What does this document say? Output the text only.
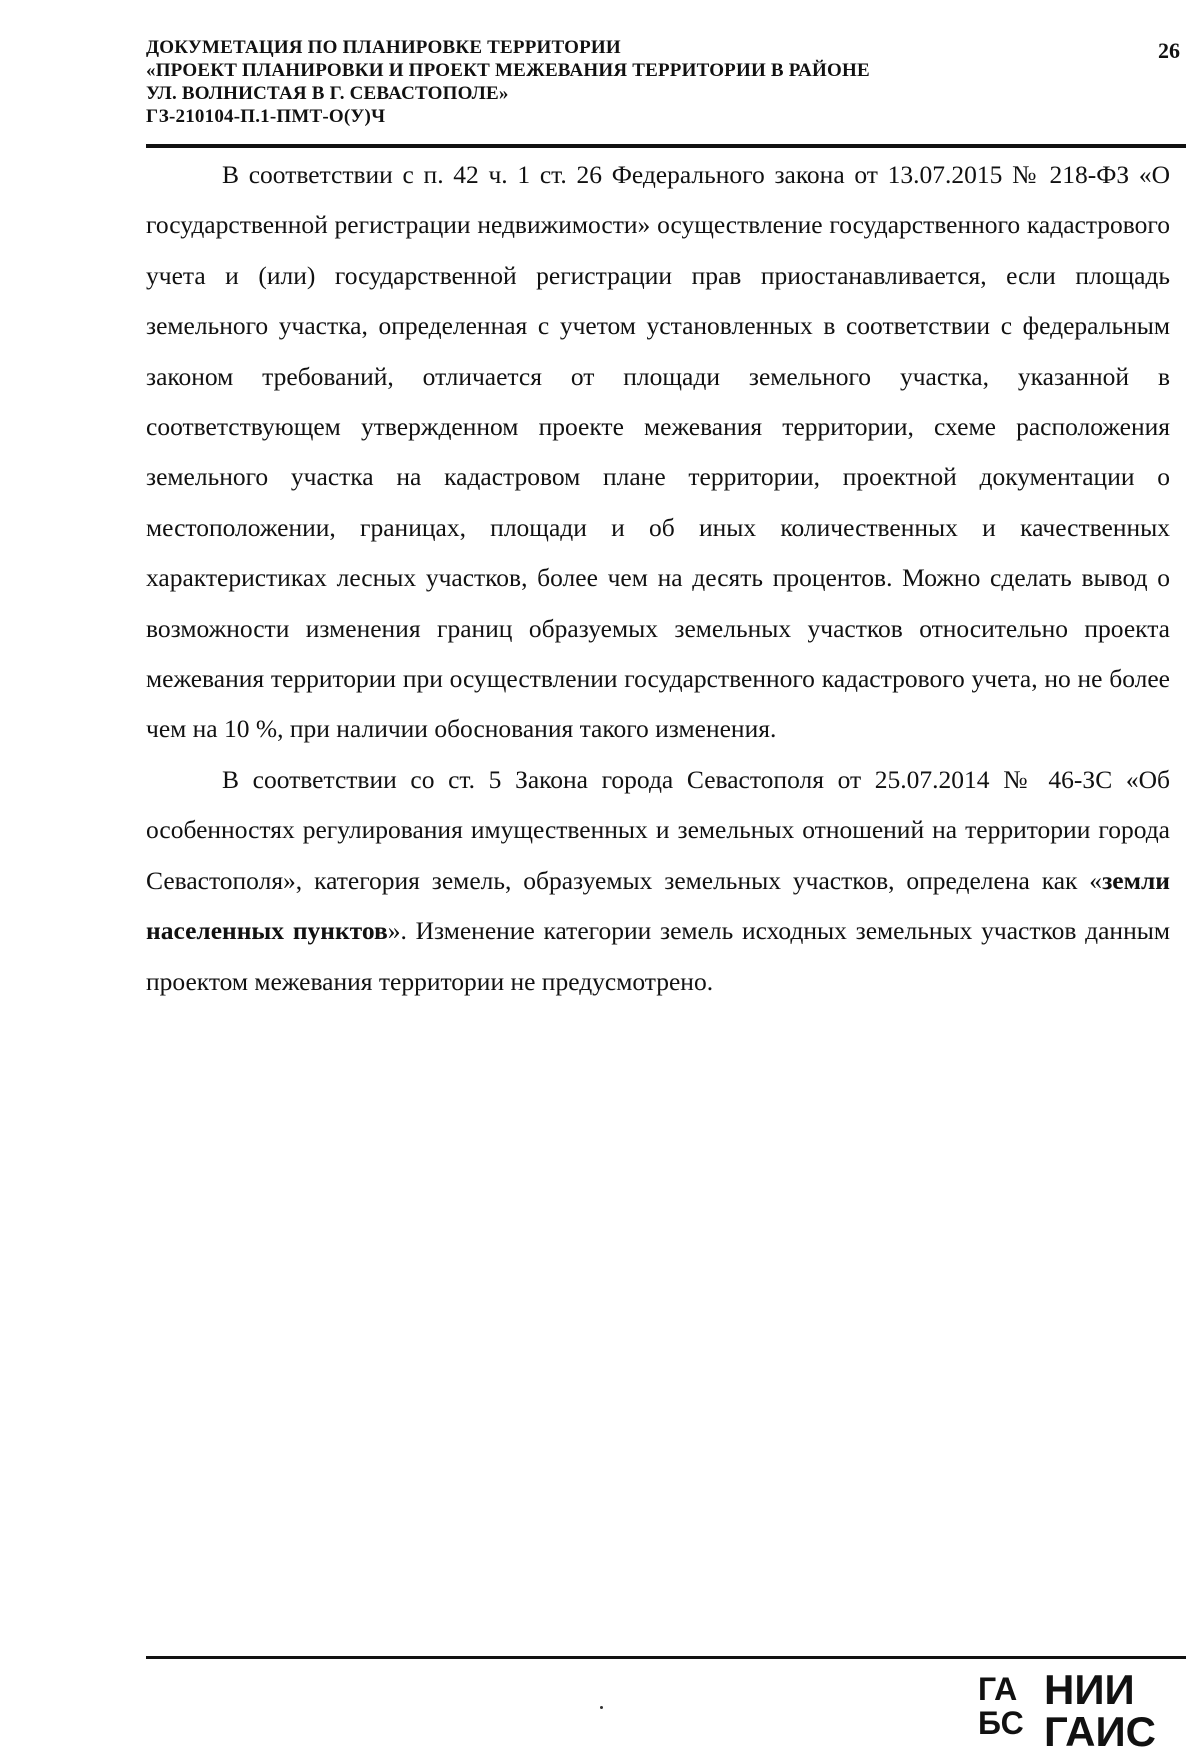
ДОКУМЕТАЦИЯ ПО ПЛАНИРОВКЕ ТЕРРИТОРИИ
«ПРОЕКТ ПЛАНИРОВКИ И ПРОЕКТ МЕЖЕВАНИЯ ТЕРРИТОРИИ В РАЙОНЕ
УЛ. ВОЛНИСТАЯ В Г. СЕВАСТОПОЛЕ»
ГЗ-210104-П.1-ПМТ-О(У)Ч
26

В соответствии с п. 42 ч. 1 ст. 26 Федерального закона от 13.07.2015 № 218-ФЗ «О государственной регистрации недвижимости» осуществление государственного кадастрового учета и (или) государственной регистрации прав приостанавливается, если площадь земельного участка, определенная с учетом установленных в соответствии с федеральным законом требований, отличается от площади земельного участка, указанной в соответствующем утвержденном проекте межевания территории, схеме расположения земельного участка на кадастровом плане территории, проектной документации о местоположении, границах, площади и об иных количественных и качественных характеристиках лесных участков, более чем на десять процентов. Можно сделать вывод о возможности изменения границ образуемых земельных участков относительно проекта межевания территории при осуществлении государственного кадастрового учета, но не более чем на 10 %, при наличии обоснования такого изменения.

В соответствии со ст. 5 Закона города Севастополя от 25.07.2014 № 46-ЗС «Об особенностях регулирования имущественных и земельных отношений на территории города Севастополя», категория земель, образуемых земельных участков, определена как «земли населенных пунктов». Изменение категории земель исходных земельных участков данным проектом межевания территории не предусмотрено.

ГА
БС
НИИ
ГАИС
